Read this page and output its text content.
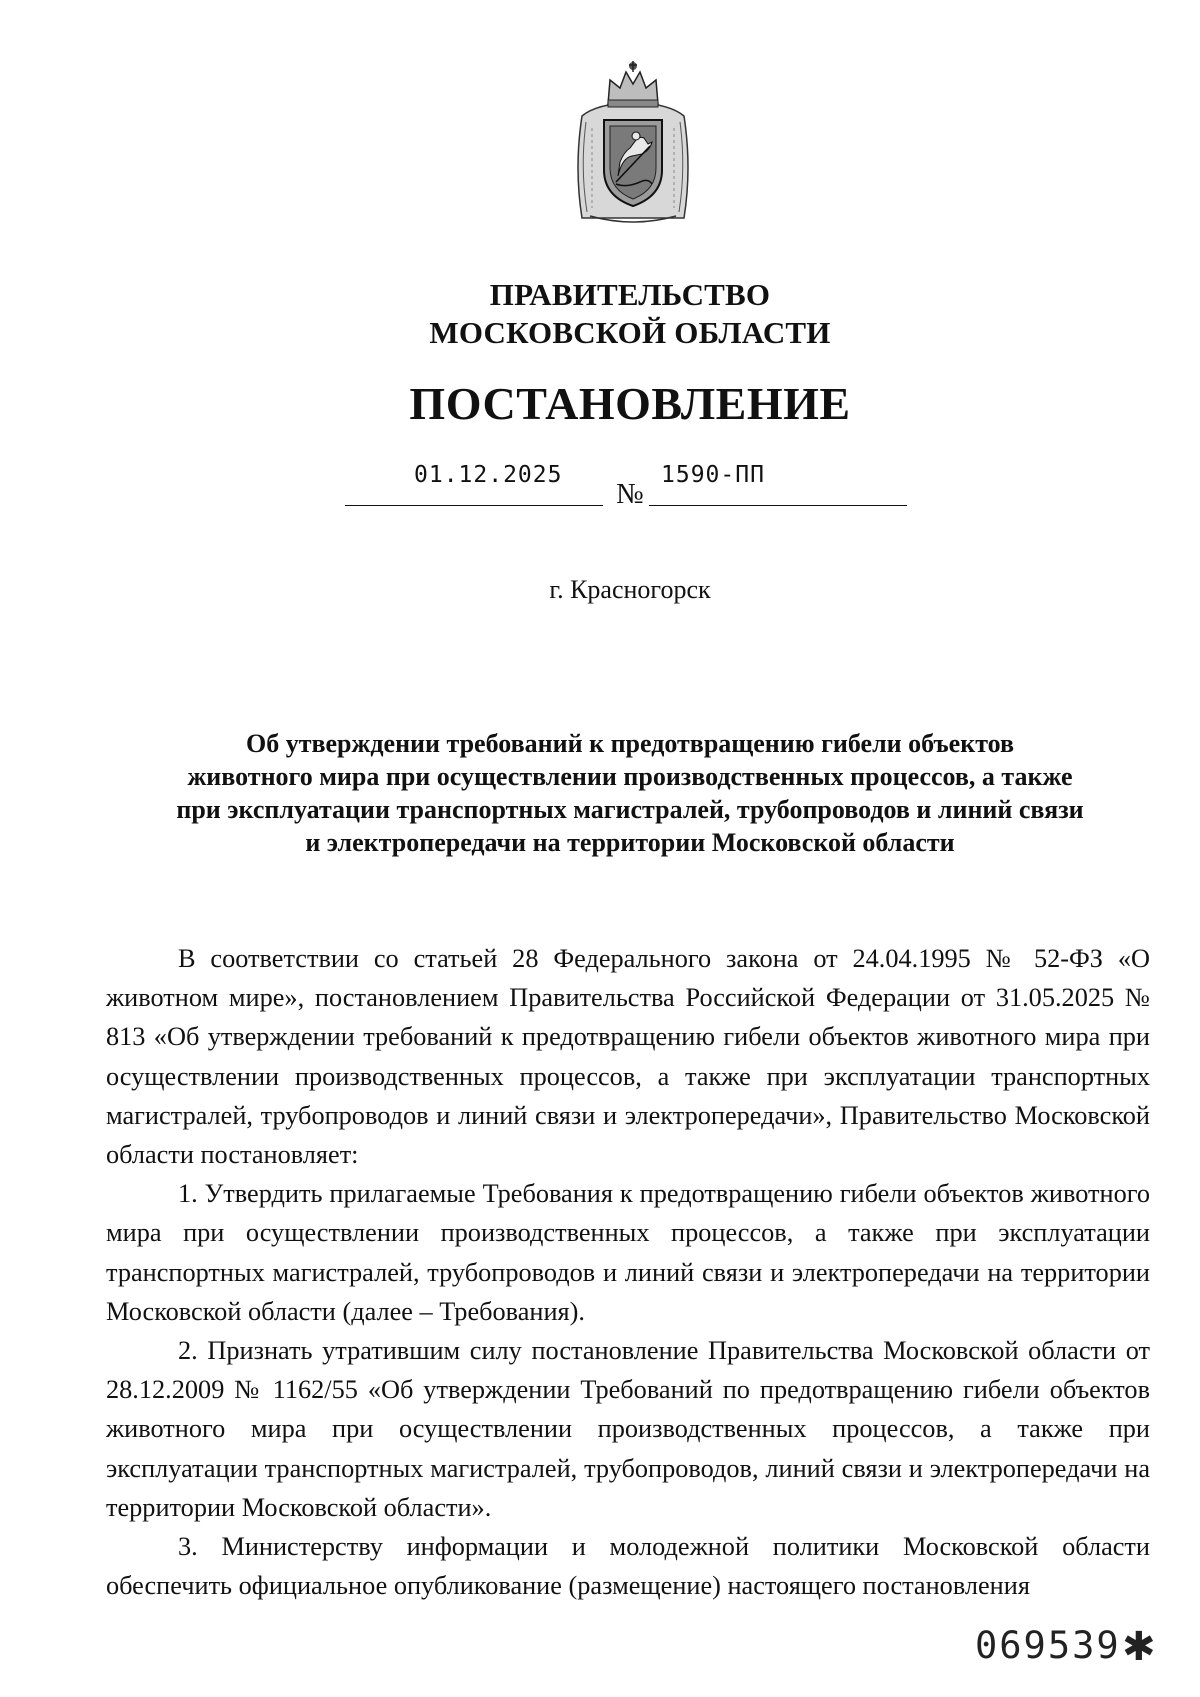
ПРАВИТЕЛЬСТВО
МОСКОВСКОЙ ОБЛАСТИ
ПОСТАНОВЛЕНИЕ
01.12.2025
№
1590-ПП
г. Красногорск
Об утверждении требований к предотвращению гибели объектов
животного мира при осуществлении производственных процессов, а также
при эксплуатации транспортных магистралей, трубопроводов и линий связи
и электропередачи на территории Московской области

В соответствии со статьей 28 Федерального закона от 24.04.1995 № 52-ФЗ «О животном мире», постановлением Правительства Российской Федерации от 31.05.2025 № 813 «Об утверждении требований к предотвращению гибели объектов животного мира при осуществлении производственных процессов, а также при эксплуатации транспортных магистралей, трубопроводов и линий связи и электропередачи», Правительство Московской области постановляет:

1. Утвердить прилагаемые Требования к предотвращению гибели объектов животного мира при осуществлении производственных процессов, а также при эксплуатации транспортных магистралей, трубопроводов и линий связи и электропередачи на территории Московской области (далее – Требования).

2. Признать утратившим силу постановление Правительства Московской области от 28.12.2009 № 1162/55 «Об утверждении Требований по предотвращению гибели объектов животного мира при осуществлении производственных процессов, а также при эксплуатации транспортных магистралей, трубопроводов, линий связи и электропередачи на территории Московской области».

3. Министерству информации и молодежной политики Московской области обеспечить официальное опубликование (размещение) настоящего постановления

069539 ✱
